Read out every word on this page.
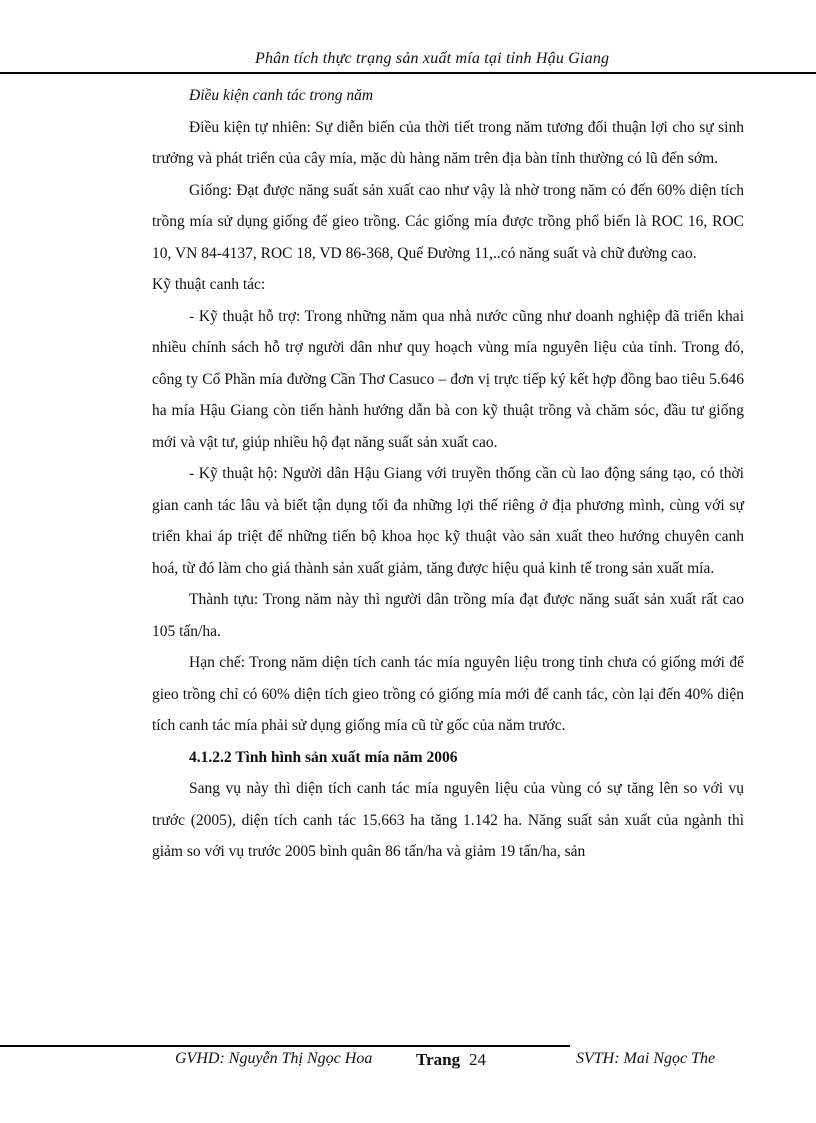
Phân tích thực trạng sản xuất mía tại tỉnh Hậu Giang

Điều kiện canh tác trong năm

Điều kiện tự nhiên: Sự diễn biến của thời tiết trong năm tương đối thuận lợi cho sự sinh trưởng và phát triển của cây mía, mặc dù hàng năm trên địa bàn tỉnh thường có lũ đến sớm.

Giống: Đạt được năng suất sản xuất cao như vậy là nhờ trong năm có đến 60% diện tích trồng mía sử dụng giống để gieo trồng. Các giống mía được trồng phổ biến là ROC 16, ROC 10, VN 84-4137, ROC 18, VD 86-368, Quế Đường 11,..có năng suất và chữ đường cao.

Kỹ thuật canh tác:

- Kỹ thuật hỗ trợ: Trong những năm qua nhà nước cũng như doanh nghiệp đã triển khai nhiều chính sách hỗ trợ người dân như quy hoạch vùng mía nguyên liệu của tỉnh. Trong đó, công ty Cổ Phần mía đường Cần Thơ Casuco – đơn vị trực tiếp ký kết hợp đồng bao tiêu 5.646 ha mía Hậu Giang còn tiến hành hướng dẫn bà con kỹ thuật trồng và chăm sóc, đầu tư giống mới và vật tư, giúp nhiều hộ đạt năng suất sản xuất cao.

- Kỹ thuật hộ: Người dân Hậu Giang với truyền thống cần cù lao động sáng tạo, có thời gian canh tác lâu và biết tận dụng tối đa những lợi thế riêng ở địa phương mình, cùng với sự triển khai áp triệt để những tiến bộ khoa học kỹ thuật vào sản xuất theo hướng chuyên canh hoá, từ đó làm cho giá thành sản xuất giảm, tăng được hiệu quả kinh tế trong sản xuất mía.

Thành tựu: Trong năm này thì người dân trồng mía đạt được năng suất sản xuất rất cao 105 tấn/ha.

Hạn chế: Trong năm diện tích canh tác mía nguyên liệu trong tỉnh chưa có giống mới để gieo trồng chỉ có 60% diện tích gieo trồng có giống mía mới để canh tác, còn lại đến 40% diện tích canh tác mía phải sử dụng giống mía cũ từ gốc của năm trước.

4.1.2.2 Tình hình sản xuất mía năm 2006

Sang vụ này thì diện tích canh tác mía nguyên liệu của vùng có sự tăng lên so với vụ trước (2005), diện tích canh tác 15.663 ha tăng 1.142 ha. Năng suất sản xuất của ngành thì giảm so với vụ trước 2005 bình quân 86 tấn/ha và giảm 19 tấn/ha, sản

GVHD: Nguyễn Thị Ngọc Hoa	Trang 24	SVTH: Mai Ngọc The
